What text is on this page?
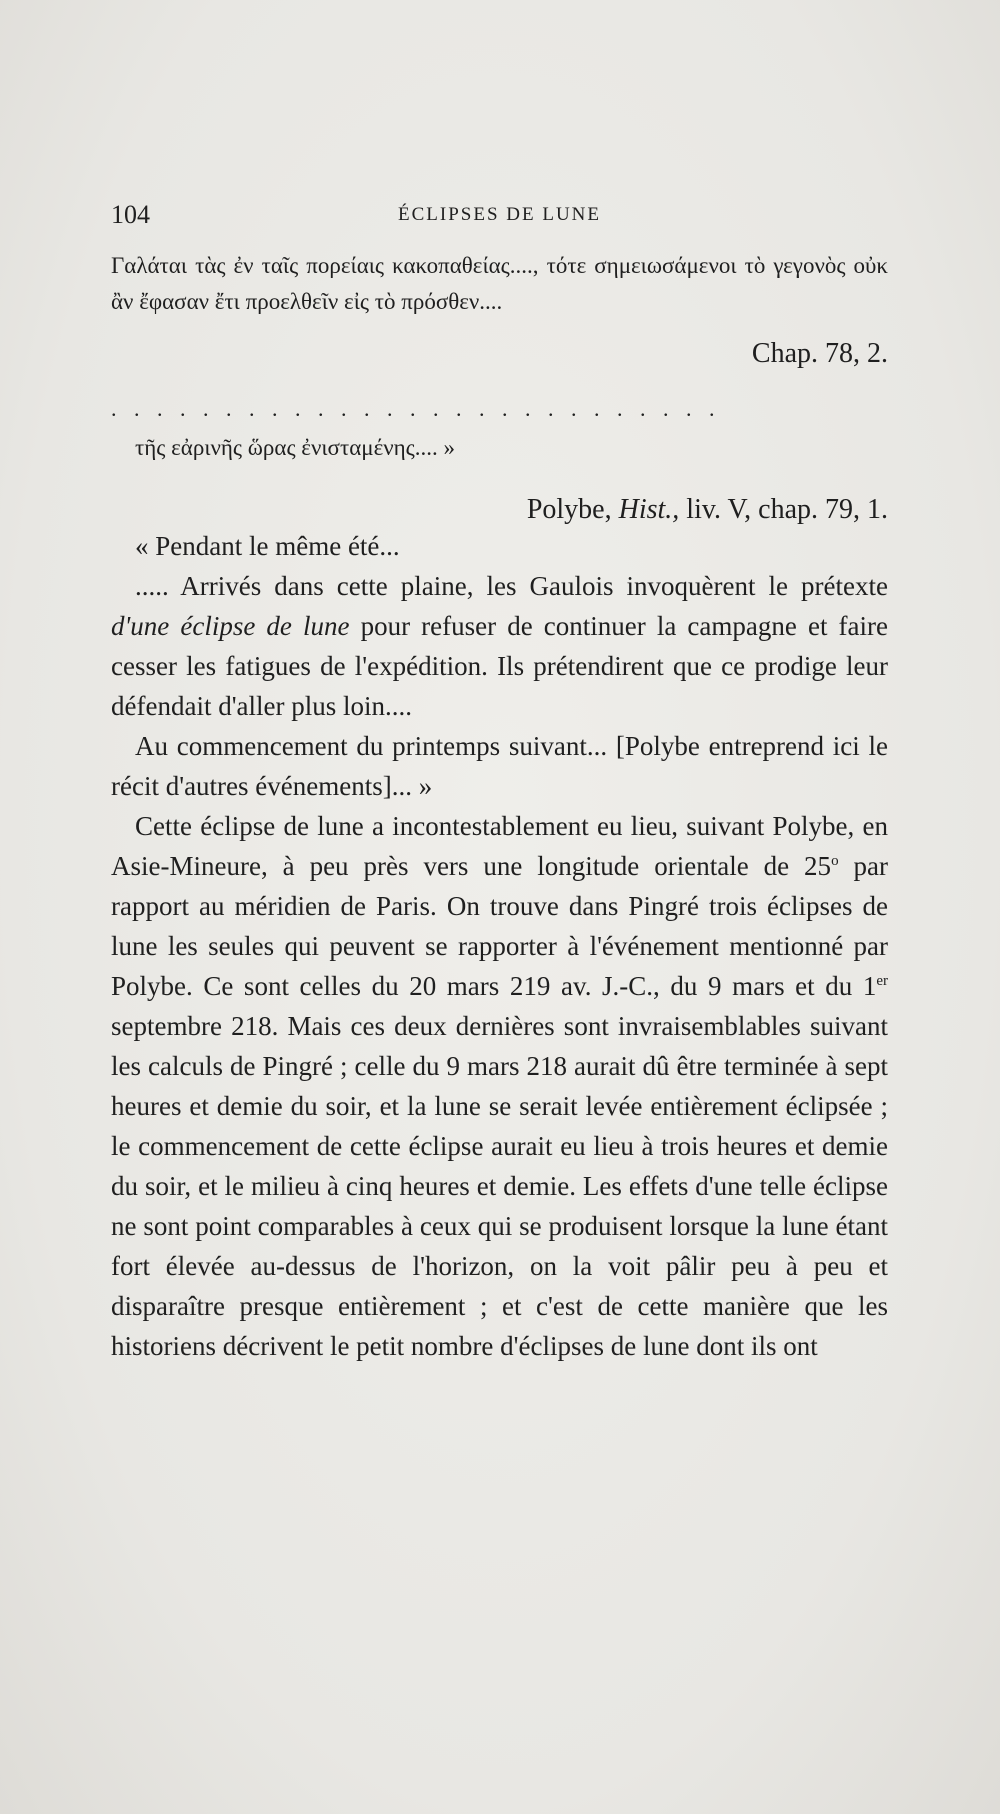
104	ÉCLIPSES DE LUNE

Γαλάται τὰς ἐν ταῖς πορείαις κακοπαθείας...., τότε σημειωσάμενοι τὸ γεγονὸς οὐκ ἂν ἔφασαν ἔτι προελθεῖν εἰς τὸ πρόσθεν....

Chap. 78, 2.

. . . . . . . . . . . . . . . . . . . . . . . . . . .

τῆς εἀρινῆς ὥρας ἐνισταμένης.... »

Polybe, Hist., liv. V, chap. 79, 1.

« Pendant le même été...

..... Arrivés dans cette plaine, les Gaulois invoquèrent le prétexte d'une éclipse de lune pour refuser de continuer la campagne et faire cesser les fatigues de l'expédition. Ils prétendirent que ce prodige leur défendait d'aller plus loin....

Au commencement du printemps suivant... [Polybe entreprend ici le récit d'autres événements]... »

Cette éclipse de lune a incontestablement eu lieu, suivant Polybe, en Asie-Mineure, à peu près vers une longitude orientale de 25$^o$ par rapport au méridien de Paris. On trouve dans Pingré trois éclipses de lune les seules qui peuvent se rapporter à l'événement mentionné par Polybe. Ce sont celles du 20 mars 219 av. J.-C., du 9 mars et du 1er septembre 218. Mais ces deux dernières sont invraisemblables suivant les calculs de Pingré ; celle du 9 mars 218 aurait dû être terminée à sept heures et demie du soir, et la lune se serait levée entièrement éclipsée ; le commencement de cette éclipse aurait eu lieu à trois heures et demie du soir, et le milieu à cinq heures et demie. Les effets d'une telle éclipse ne sont point comparables à ceux qui se produisent lorsque la lune étant fort élevée au-dessus de l'horizon, on la voit pâlir peu à peu et disparaître presque entièrement ; et c'est de cette manière que les historiens décrivent le petit nombre d'éclipses de lune dont ils ont
